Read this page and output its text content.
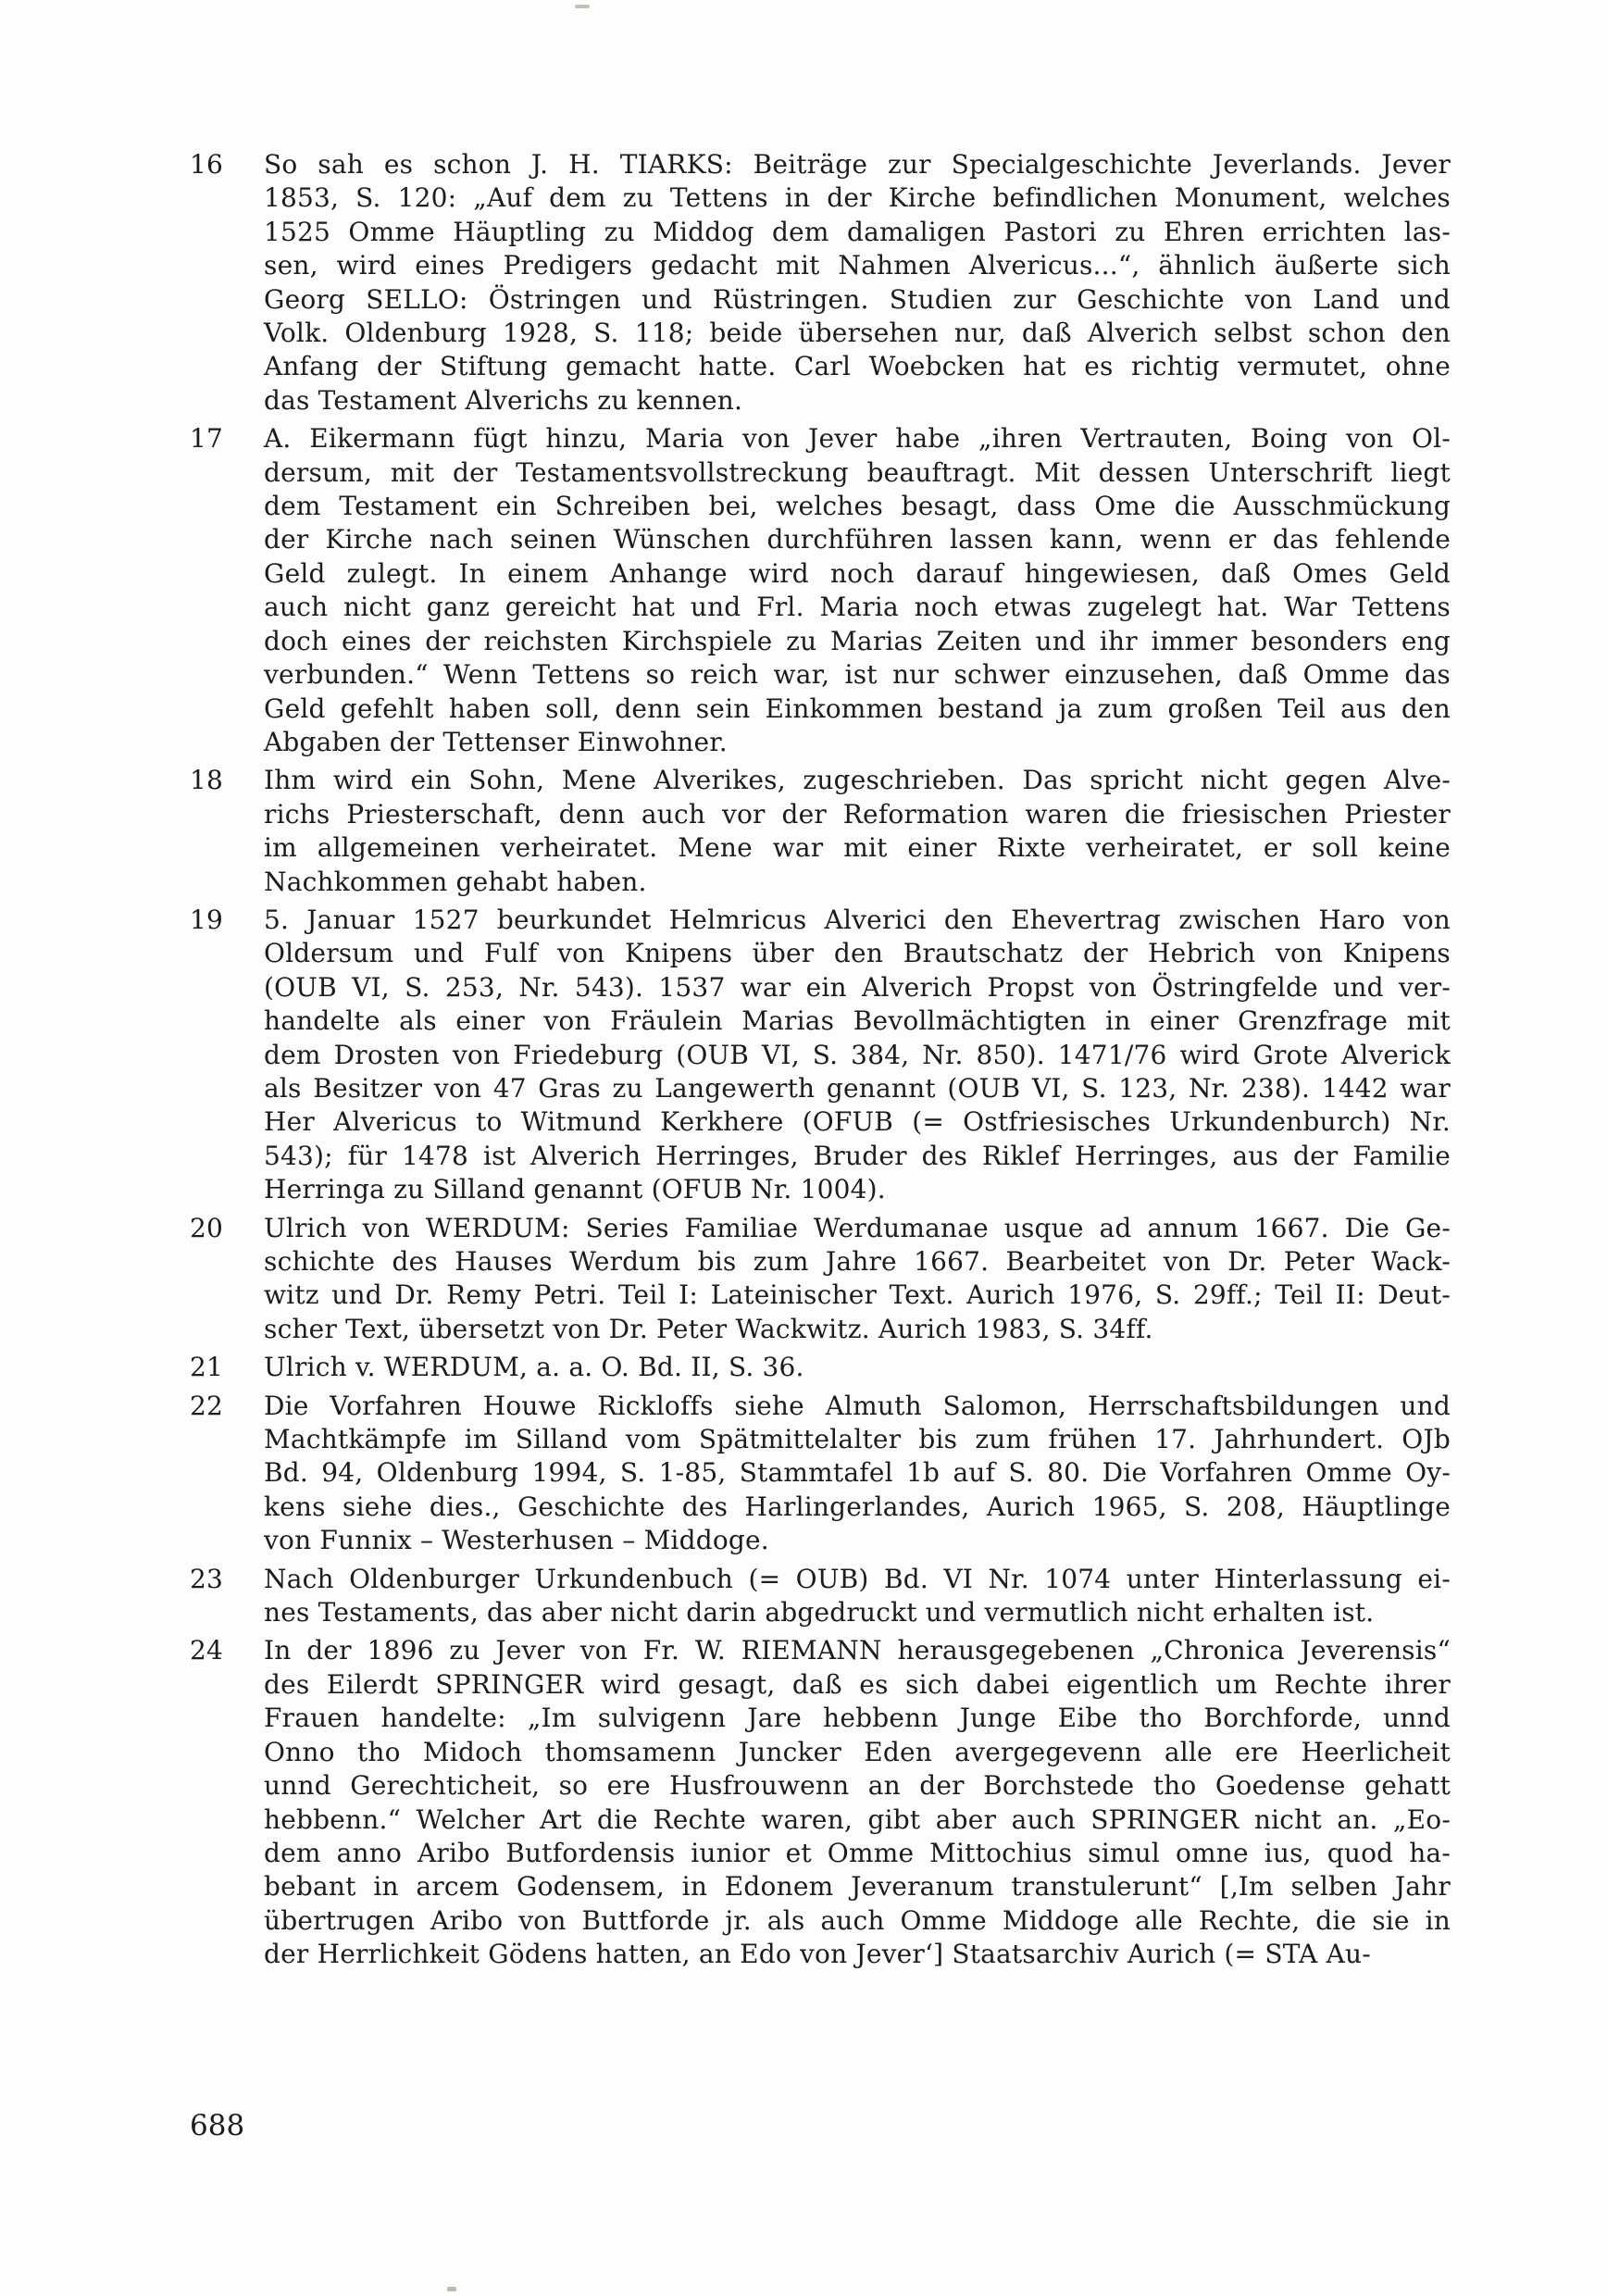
16	So sah es schon J. H. TIARKS: Beiträge zur Specialgeschichte Jeverlands. Jever
1853, S. 120: „Auf dem zu Tettens in der Kirche befindlichen Monument, welches
1525 Omme Häuptling zu Middog dem damaligen Pastori zu Ehren errichten las-
sen, wird eines Predigers gedacht mit Nahmen Alvericus...“, ähnlich äußerte sich
Georg SELLO: Östringen und Rüstringen. Studien zur Geschichte von Land und
Volk. Oldenburg 1928, S. 118; beide übersehen nur, daß Alverich selbst schon den
Anfang der Stiftung gemacht hatte. Carl Woebcken hat es richtig vermutet, ohne
das Testament Alverichs zu kennen.
17	A. Eikermann fügt hinzu, Maria von Jever habe „ihren Vertrauten, Boing von Ol-
dersum, mit der Testamentsvollstreckung beauftragt. Mit dessen Unterschrift liegt
dem Testament ein Schreiben bei, welches besagt, dass Ome die Ausschmückung
der Kirche nach seinen Wünschen durchführen lassen kann, wenn er das fehlende
Geld zulegt. In einem Anhange wird noch darauf hingewiesen, daß Omes Geld
auch nicht ganz gereicht hat und Frl. Maria noch etwas zugelegt hat. War Tettens
doch eines der reichsten Kirchspiele zu Marias Zeiten und ihr immer besonders eng
verbunden.“ Wenn Tettens so reich war, ist nur schwer einzusehen, daß Omme das
Geld gefehlt haben soll, denn sein Einkommen bestand ja zum großen Teil aus den
Abgaben der Tettenser Einwohner.
18	Ihm wird ein Sohn, Mene Alverikes, zugeschrieben. Das spricht nicht gegen Alve-
richs Priesterschaft, denn auch vor der Reformation waren die friesischen Priester
im allgemeinen verheiratet. Mene war mit einer Rixte verheiratet, er soll keine
Nachkommen gehabt haben.
19	5. Januar 1527 beurkundet Helmricus Alverici den Ehevertrag zwischen Haro von
Oldersum und Fulf von Knipens über den Brautschatz der Hebrich von Knipens
(OUB VI, S. 253, Nr. 543). 1537 war ein Alverich Propst von Östringfelde und ver-
handelte als einer von Fräulein Marias Bevollmächtigten in einer Grenzfrage mit
dem Drosten von Friedeburg (OUB VI, S. 384, Nr. 850). 1471/76 wird Grote Alverick
als Besitzer von 47 Gras zu Langewerth genannt (OUB VI, S. 123, Nr. 238). 1442 war
Her Alvericus to Witmund Kerkhere (OFUB (= Ostfriesisches Urkundenburch) Nr.
543); für 1478 ist Alverich Herringes, Bruder des Riklef Herringes, aus der Familie
Herringa zu Silland genannt (OFUB Nr. 1004).
20	Ulrich von WERDUM: Series Familiae Werdumanae usque ad annum 1667. Die Ge-
schichte des Hauses Werdum bis zum Jahre 1667. Bearbeitet von Dr. Peter Wack-
witz und Dr. Remy Petri. Teil I: Lateinischer Text. Aurich 1976, S. 29ff.; Teil II: Deut-
scher Text, übersetzt von Dr. Peter Wackwitz. Aurich 1983, S. 34ff.
21	Ulrich v. WERDUM, a. a. O. Bd. II, S. 36.
22	Die Vorfahren Houwe Rickloffs siehe Almuth Salomon, Herrschaftsbildungen und
Machtkämpfe im Silland vom Spätmittelalter bis zum frühen 17. Jahrhundert. OJb
Bd. 94, Oldenburg 1994, S. 1-85, Stammtafel 1b auf S. 80. Die Vorfahren Omme Oy-
kens siehe dies., Geschichte des Harlingerlandes, Aurich 1965, S. 208, Häuptlinge
von Funnix – Westerhusen – Middoge.
23	Nach Oldenburger Urkundenbuch (= OUB) Bd. VI Nr. 1074 unter Hinterlassung ei-
nes Testaments, das aber nicht darin abgedruckt und vermutlich nicht erhalten ist.
24	In der 1896 zu Jever von Fr. W. RIEMANN herausgegebenen „Chronica Jeverensis“
des Eilerdt SPRINGER wird gesagt, daß es sich dabei eigentlich um Rechte ihrer
Frauen handelte: „Im sulvigenn Jare hebbenn Junge Eibe tho Borchforde, unnd
Onno tho Midoch thomsamenn Juncker Eden avergegevenn alle ere Heerlicheit
unnd Gerechticheit, so ere Husfrouwenn an der Borchstede tho Goedense gehatt
hebbenn.“ Welcher Art die Rechte waren, gibt aber auch SPRINGER nicht an. „Eo-
dem anno Aribo Butfordensis iunior et Omme Mittochius simul omne ius, quod ha-
bebant in arcem Godensem, in Edonem Jeveranum transtulerunt“ [‚Im selben Jahr
übertrugen Aribo von Buttforde jr. als auch Omme Middoge alle Rechte, die sie in
der Herrlichkeit Gödens hatten, an Edo von Jever‘] Staatsarchiv Aurich (= STA Au-
688
